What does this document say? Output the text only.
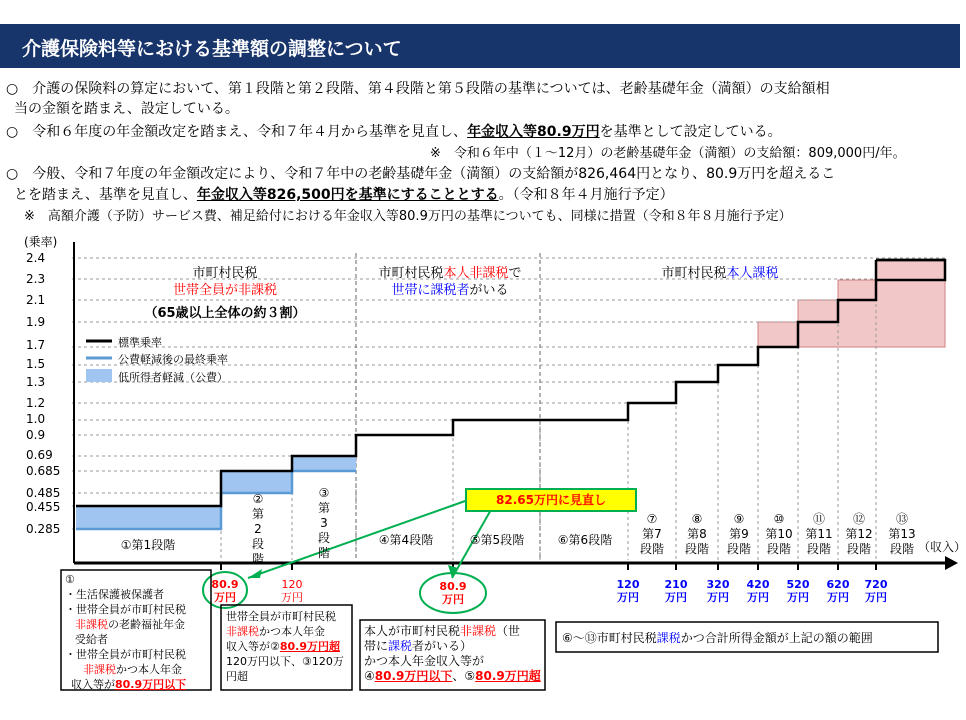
介護保険料等における基準額の調整について
○　介護の保険料の算定において、第１段階と第２段階、第４段階と第５段階の基準については、老齢基礎年金（満額）の支給額相
当の金額を踏まえ、設定している。
○　令和６年度の年金額改定を踏まえ、令和７年４月から基準を見直し、年金収入等80.9万円を基準として設定している。
※　令和６年中（１～12月）の老齢基礎年金（満額）の支給額：809,000円/年。
○　今般、令和７年度の年金額改定により、令和７年中の老齢基礎年金（満額）の支給額が826,464円となり、80.9万円を超えるこ
とを踏まえ、基準を見直し、年金収入等826,500円を基準にすることとする。（令和８年４月施行予定）
※　高額介護（予防）サービス費、補足給付における年金収入等80.9万円の基準についても、同様に措置（令和８年８月施行予定）
(乗率)
2.4
2.3
2.1
1.9
1.7
1.5
1.3
1.2
1.0
0.9
0.69
0.685
0.485
0.455
0.285
市町村民税
世帯全員が非課税
（65歳以上全体の約３割）
市町村民税本人非課税で
世帯に課税者がいる
市町村民税本人課税
標準乗率
公費軽減後の最終乗率
低所得者軽減（公費）
82.65万円に見直し
①第1段階
②
第
2
段
階
③
第
3
段
階
④第4段階	⑤第5段階	⑥第6段階
⑦
第7
段階
⑧
第8
段階
⑨
第9
段階
⑩
第10
段階
⑪
第11
段階
⑫
第12
段階
⑬
第13
段階 （収入）
80.9
万円
120
万円
80.9
万円
120
万円
210
万円
320
万円
420
万円
520
万円
620
万円
720
万円
①
・生活保護被保護者
・世帯全員が市町村民税
非課税の老齢福祉年金
受給者
・世帯全員が市町村民税
非課税かつ本人年金
収入等が80.9万円以下
世帯全員が市町村民税
非課税かつ本人年金
収入等が②80.9万円超
120万円以下、③120万
円超
本人が市町村民税非課税（世
帯に課税者がいる）
かつ本人年金収入等が
④80.9万円以下、⑤80.9万円超
⑥～⑬市町村民税課税かつ合計所得金額が上記の額の範囲
